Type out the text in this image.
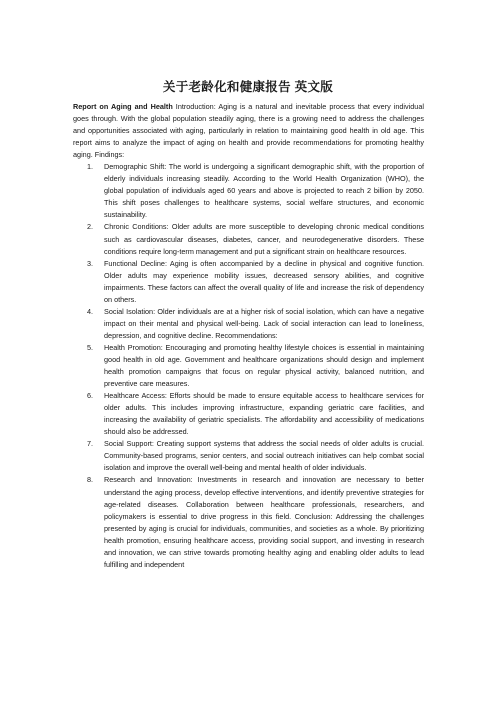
关于老龄化和健康报告 英文版

Report on Aging and Health Introduction: Aging is a natural and inevitable process that every individual goes through. With the global population steadily aging, there is a growing need to address the challenges and opportunities associated with aging, particularly in relation to maintaining good health in old age. This report aims to analyze the impact of aging on health and provide recommendations for promoting healthy aging. Findings:

1. Demographic Shift: The world is undergoing a significant demographic shift, with the proportion of elderly individuals increasing steadily. According to the World Health Organization (WHO), the global population of individuals aged 60 years and above is projected to reach 2 billion by 2050. This shift poses challenges to healthcare systems, social welfare structures, and economic sustainability.
2. Chronic Conditions: Older adults are more susceptible to developing chronic medical conditions such as cardiovascular diseases, diabetes, cancer, and neurodegenerative disorders. These conditions require long-term management and put a significant strain on healthcare resources.
3. Functional Decline: Aging is often accompanied by a decline in physical and cognitive function. Older adults may experience mobility issues, decreased sensory abilities, and cognitive impairments. These factors can affect the overall quality of life and increase the risk of dependency on others.
4. Social Isolation: Older individuals are at a higher risk of social isolation, which can have a negative impact on their mental and physical well-being. Lack of social interaction can lead to loneliness, depression, and cognitive decline. Recommendations:
5. Health Promotion: Encouraging and promoting healthy lifestyle choices is essential in maintaining good health in old age. Government and healthcare organizations should design and implement health promotion campaigns that focus on regular physical activity, balanced nutrition, and preventive care measures.
6. Healthcare Access: Efforts should be made to ensure equitable access to healthcare services for older adults. This includes improving infrastructure, expanding geriatric care facilities, and increasing the availability of geriatric specialists. The affordability and accessibility of medications should also be addressed.
7. Social Support: Creating support systems that address the social needs of older adults is crucial. Community-based programs, senior centers, and social outreach initiatives can help combat social isolation and improve the overall well-being and mental health of older individuals.
8. Research and Innovation: Investments in research and innovation are necessary to better understand the aging process, develop effective interventions, and identify preventive strategies for age-related diseases. Collaboration between healthcare professionals, researchers, and policymakers is essential to drive progress in this field. Conclusion: Addressing the challenges presented by aging is crucial for individuals, communities, and societies as a whole. By prioritizing health promotion, ensuring healthcare access, providing social support, and investing in research and innovation, we can strive towards promoting healthy aging and enabling older adults to lead fulfilling and independent
